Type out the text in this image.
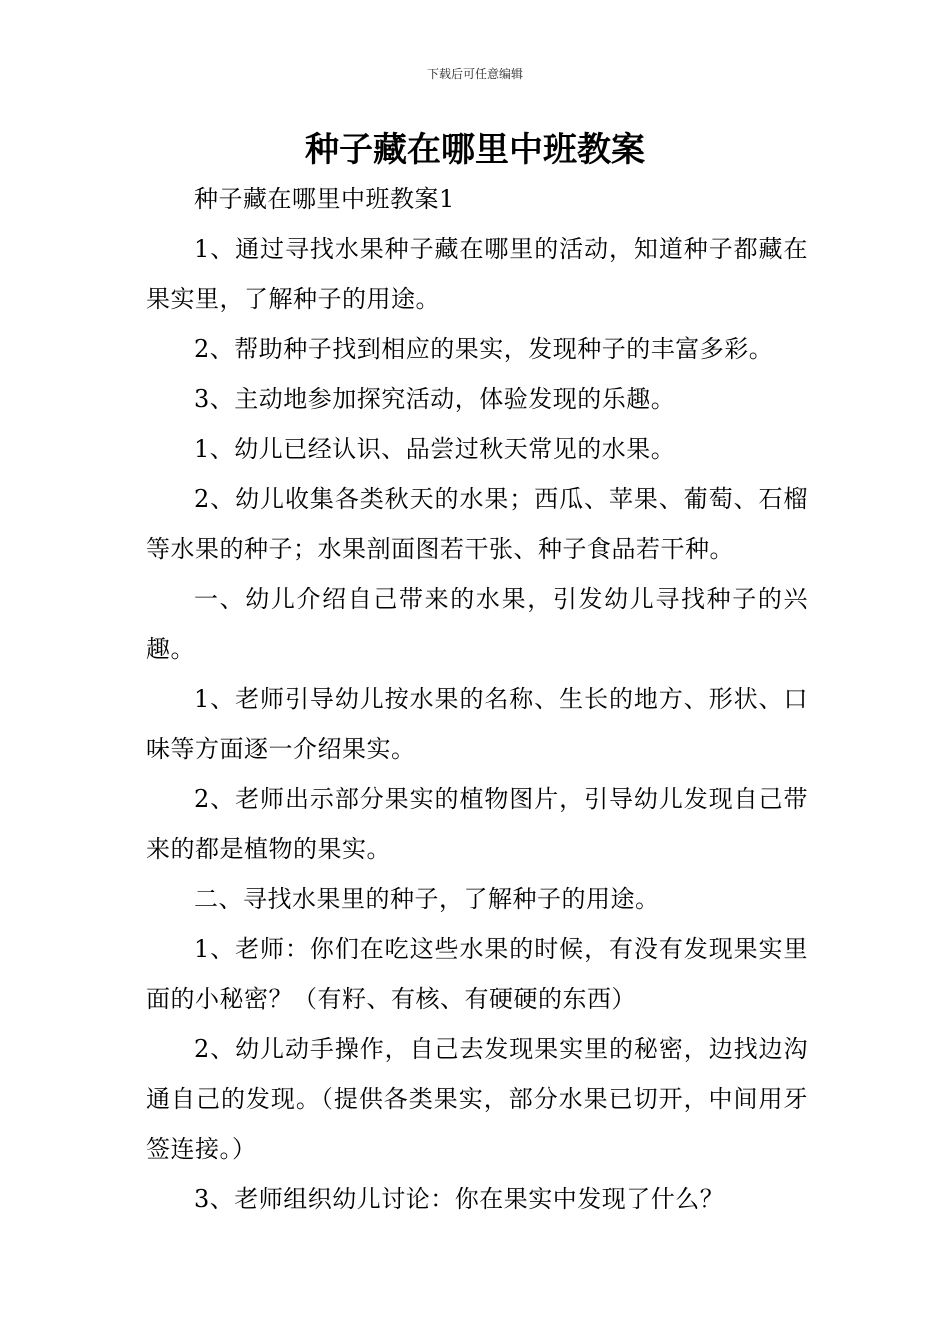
下载后可任意编辑
种子藏在哪里中班教案

种子藏在哪里中班教案1

1、通过寻找水果种子藏在哪里的活动，知道种子都藏在果实里，了解种子的用途。

2、帮助种子找到相应的果实，发现种子的丰富多彩。

3、主动地参加探究活动，体验发现的乐趣。

1、幼儿已经认识、品尝过秋天常见的水果。

2、幼儿收集各类秋天的水果；西瓜、苹果、葡萄、石榴等水果的种子；水果剖面图若干张、种子食品若干种。

一、幼儿介绍自己带来的水果，引发幼儿寻找种子的兴趣。

1、老师引导幼儿按水果的名称、生长的地方、形状、口味等方面逐一介绍果实。

2、老师出示部分果实的植物图片，引导幼儿发现自己带来的都是植物的果实。

二、寻找水果里的种子，了解种子的用途。

1、老师：你们在吃这些水果的时候，有没有发现果实里面的小秘密？（有籽、有核、有硬硬的东西）

2、幼儿动手操作，自己去发现果实里的秘密，边找边沟通自己的发现。（提供各类果实，部分水果已切开，中间用牙签连接。）

3、老师组织幼儿讨论：你在果实中发现了什么？
